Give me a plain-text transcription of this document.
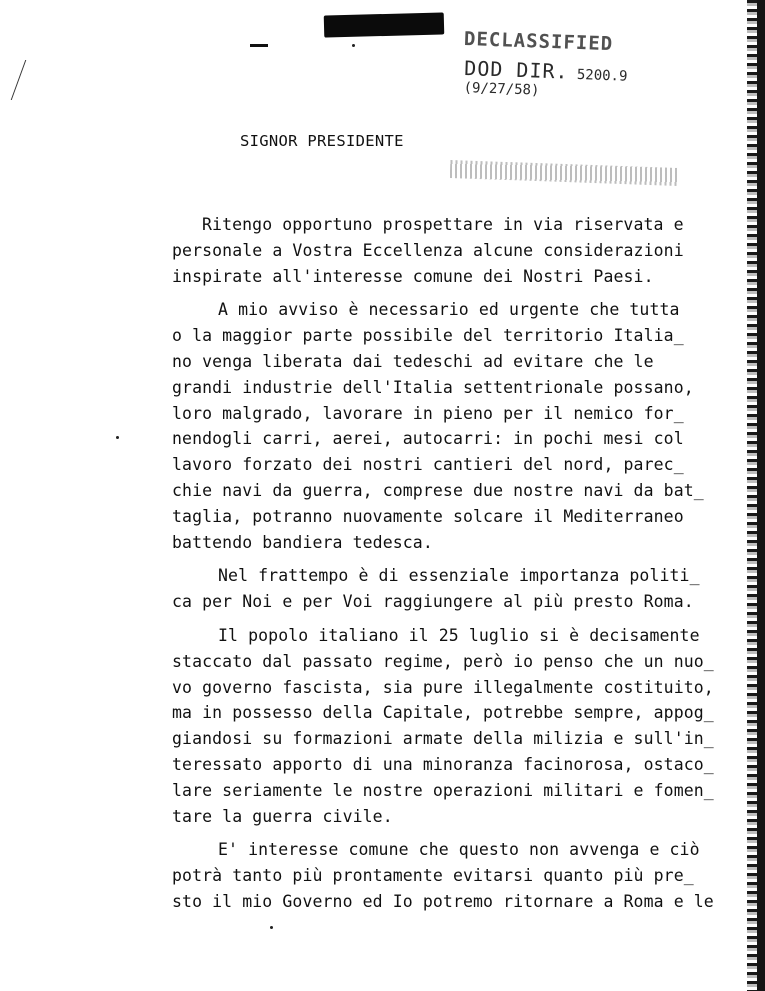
DECLASSIFIED
DOD DIR. 5200.9 (9/27/58)
SIGNOR PRESIDENTE
Ritengo opportuno prospettare in via riservata e
personale a Vostra Eccellenza alcune considerazioni
inspirate all'interesse comune dei Nostri Paesi.
A mio avviso è necessario ed urgente che tutta
o la maggior parte possibile del territorio Italia_
no venga liberata dai tedeschi ad evitare che le
grandi industrie dell'Italia settentrionale possano,
loro malgrado, lavorare in pieno per il nemico for_
nendogli carri, aerei, autocarri: in pochi mesi col
lavoro forzato dei nostri cantieri del nord, parec_
chie navi da guerra, comprese due nostre navi da bat_
taglia, potranno nuovamente solcare il Mediterraneo
battendo bandiera tedesca.
Nel frattempo è di essenziale importanza politi_
ca per Noi e per Voi raggiungere al più presto Roma.
Il popolo italiano il 25 luglio si è decisamente
staccato dal passato regime, però io penso che un nuo_
vo governo fascista, sia pure illegalmente costituito,
ma in possesso della Capitale, potrebbe sempre, appog_
giandosi su formazioni armate della milizia e sull'in_
teressato apporto di una minoranza facinorosa, ostaco_
lare seriamente le nostre operazioni militari e fomen_
tare la guerra civile.
E' interesse comune che questo non avvenga e ciò
potrà tanto più prontamente evitarsi quanto più pre_
sto il mio Governo ed Io potremo ritornare a Roma e le
